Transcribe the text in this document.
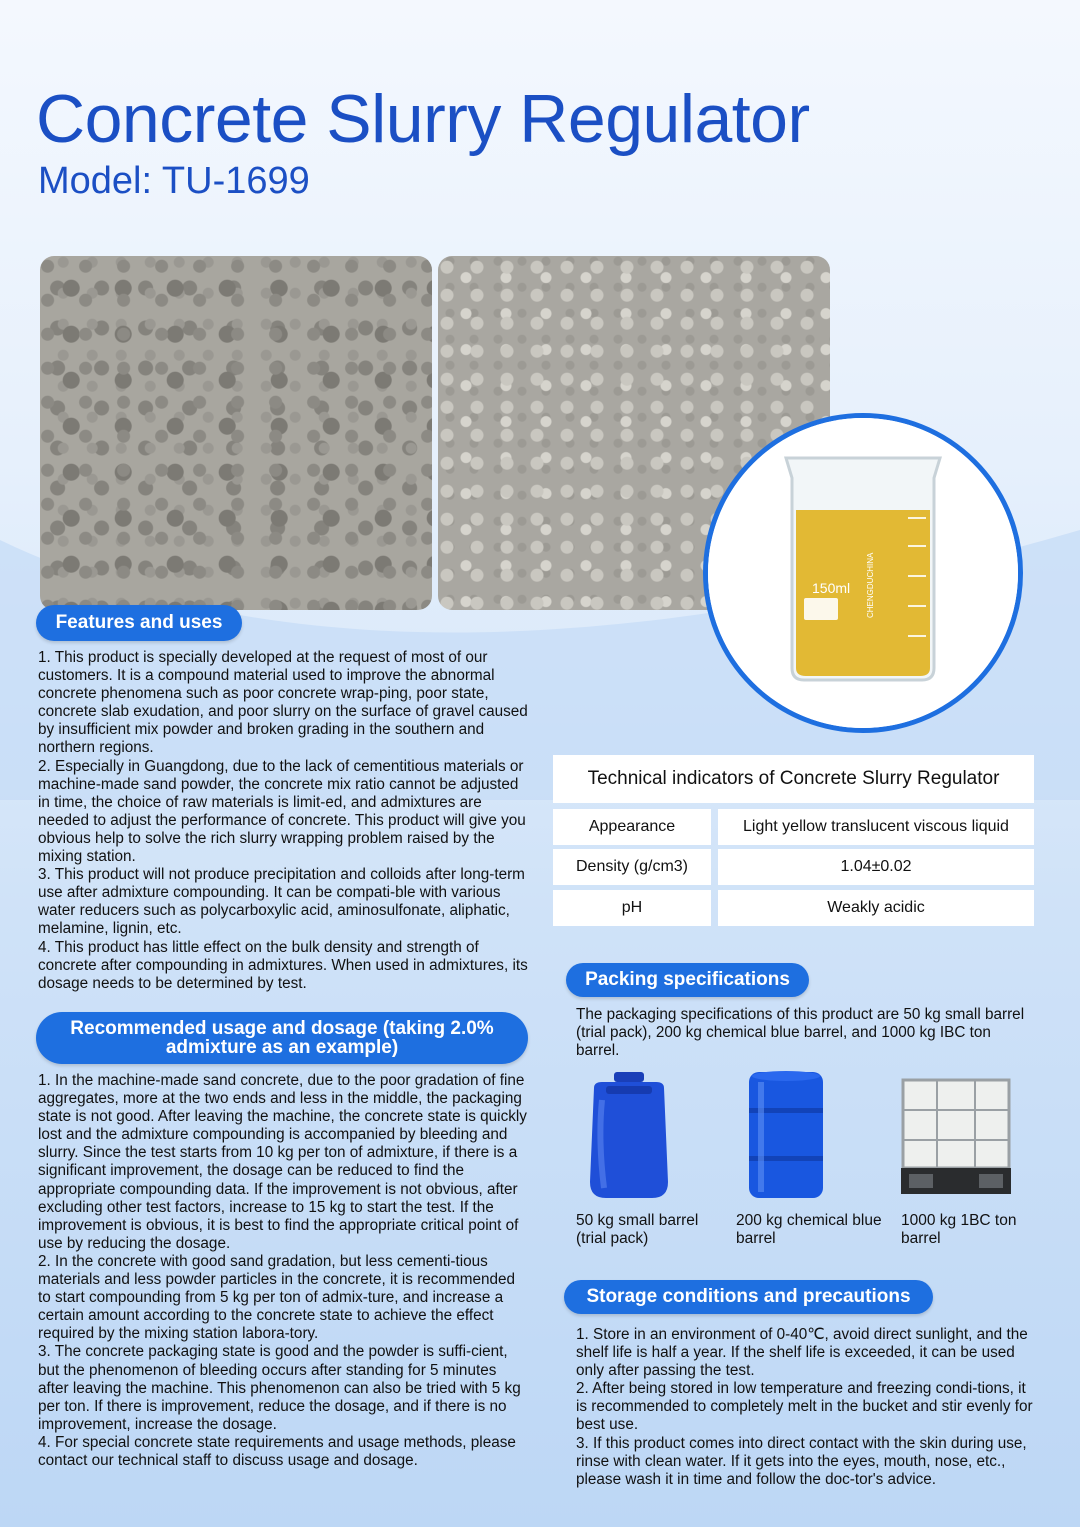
Concrete Slurry Regulator
Model: TU-1699
150ml CHENGDUCHINA
Features and uses

1. This product is specially developed at the request of most of our customers. It is a compound material used to improve the abnormal concrete phenomena such as poor concrete wrap-ping, poor state, concrete slab exudation, and poor slurry on the surface of gravel caused by insufficient mix powder and broken grading in the southern and northern regions.

2. Especially in Guangdong, due to the lack of cementitious materials or machine-made sand powder, the concrete mix ratio cannot be adjusted in time, the choice of raw materials is limit-ed, and admixtures are needed to adjust the performance of concrete. This product will give you obvious help to solve the rich slurry wrapping problem raised by the mixing station.

3. This product will not produce precipitation and colloids after long-term use after admixture compounding. It can be compati-ble with various water reducers such as polycarboxylic acid, aminosulfonate, aliphatic, melamine, lignin, etc.

4. This product has little effect on the bulk density and strength of concrete after compounding in admixtures. When used in admixtures, its dosage needs to be determined by test.

Recommended usage and dosage (taking 2.0% admixture as an example)

1. In the machine-made sand concrete, due to the poor gradation of fine aggregates, more at the two ends and less in the middle, the packaging state is not good. After leaving the machine, the concrete state is quickly lost and the admixture compounding is accompanied by bleeding and slurry. Since the test starts from 10 kg per ton of admixture, if there is a significant improvement, the dosage can be reduced to find the appropriate compounding data. If the improvement is not obvious, after excluding other test factors, increase to 15 kg to start the test. If the improvement is obvious, it is best to find the appropriate critical point of use by reducing the dosage.

2. In the concrete with good sand gradation, but less cementi-tious materials and less powder particles in the concrete, it is recommended to start compounding from 5 kg per ton of admix-ture, and increase a certain amount according to the concrete state to achieve the effect required by the mixing station labora-tory.

3. The concrete packaging state is good and the powder is suffi-cient, but the phenomenon of bleeding occurs after standing for 5 minutes after leaving the machine. This phenomenon can also be tried with 5 kg per ton. If there is improvement, reduce the dosage, and if there is no improvement, increase the dosage.

4. For special concrete state requirements and usage methods, please contact our technical staff to discuss usage and dosage.

Technical indicators of Concrete Slurry Regulator
Appearance	Light yellow translucent viscous liquid
Density (g/cm3)	1.04±0.02
pH	Weakly acidic
Packing specifications
The packaging specifications of this product are 50 kg small barrel (trial pack), 200 kg chemical blue barrel, and 1000 kg IBC ton barrel.
50 kg small barrel (trial pack)
200 kg chemical blue barrel
1000 kg 1BC ton barrel
Storage conditions and precautions

1. Store in an environment of 0-40℃, avoid direct sunlight, and the shelf life is half a year. If the shelf life is exceeded, it can be used only after passing the test.

2. After being stored in low temperature and freezing condi-tions, it is recommended to completely melt in the bucket and stir evenly for best use.

3. If this product comes into direct contact with the skin during use, rinse with clean water. If it gets into the eyes, mouth, nose, etc., please wash it in time and follow the doc-tor's advice.
